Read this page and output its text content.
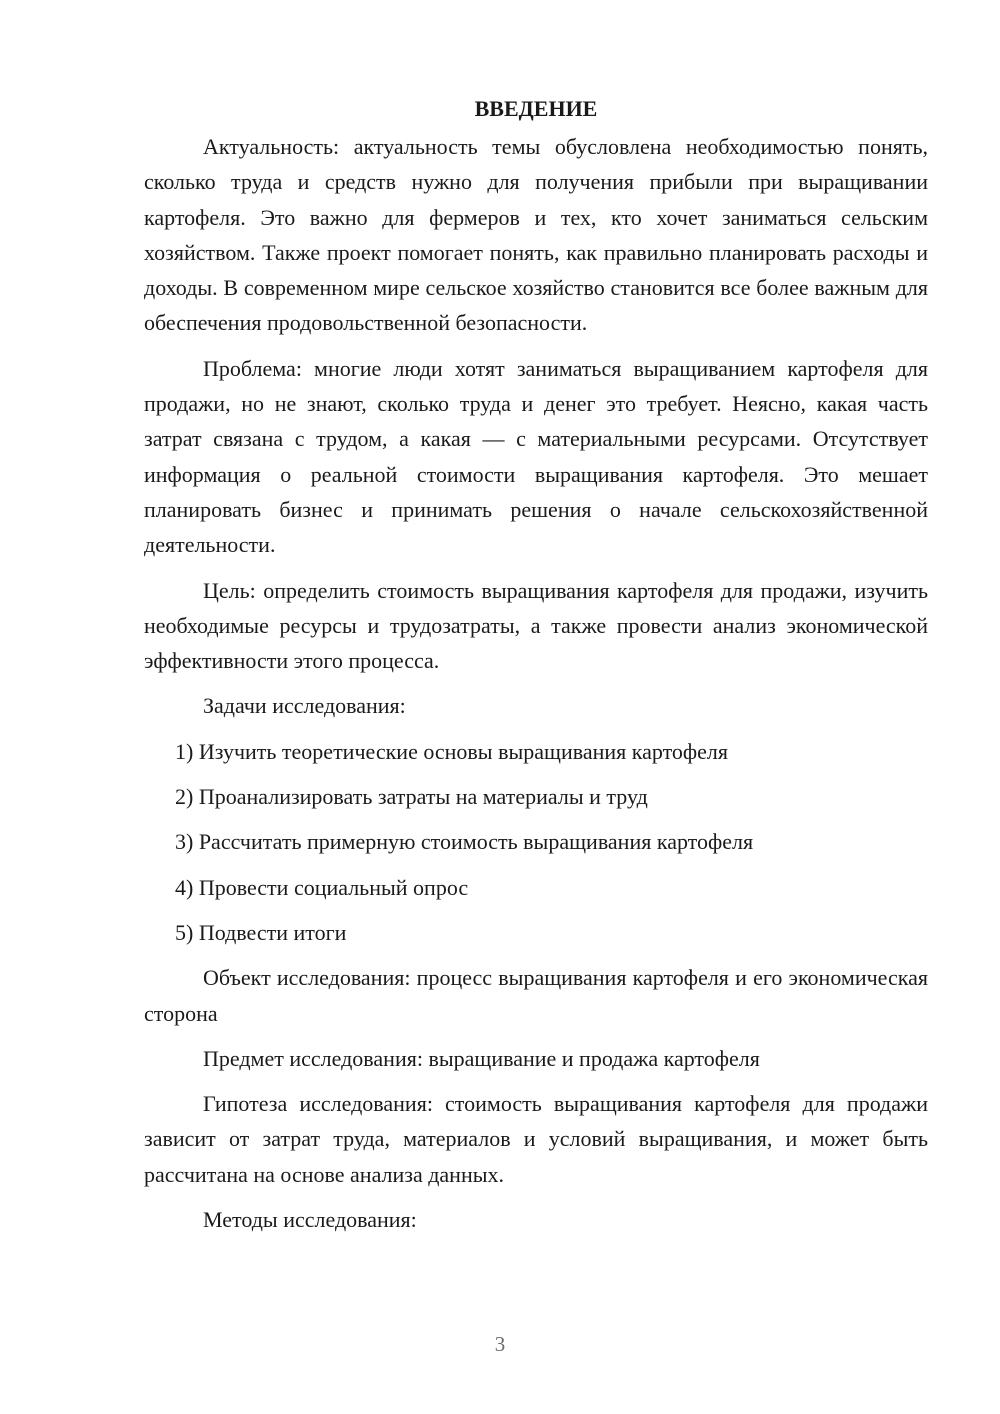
ВВЕДЕНИЕ

Актуальность: актуальность темы обусловлена необходимостью понять, сколько труда и средств нужно для получения прибыли при выращивании картофеля. Это важно для фермеров и тех, кто хочет заниматься сельским хозяйством. Также проект помогает понять, как правильно планировать расходы и доходы. В современном мире сельское хозяйство становится все более важным для обеспечения продовольственной безопасности.

Проблема: многие люди хотят заниматься выращиванием картофеля для продажи, но не знают, сколько труда и денег это требует. Неясно, какая часть затрат связана с трудом, а какая — с материальными ресурсами. Отсутствует информация о реальной стоимости выращивания картофеля. Это мешает планировать бизнес и принимать решения о начале сельскохозяйственной деятельности.

Цель: определить стоимость выращивания картофеля для продажи, изучить необходимые ресурсы и трудозатраты, а также провести анализ экономической эффективности этого процесса.

Задачи исследования:

1) Изучить теоретические основы выращивания картофеля
2) Проанализировать затраты на материалы и труд
3) Рассчитать примерную стоимость выращивания картофеля
4) Провести социальный опрос
5) Подвести итоги

Объект исследования: процесс выращивания картофеля и его экономическая сторона

Предмет исследования: выращивание и продажа картофеля

Гипотеза исследования: стоимость выращивания картофеля для продажи зависит от затрат труда, материалов и условий выращивания, и может быть рассчитана на основе анализа данных.

Методы исследования:

3
